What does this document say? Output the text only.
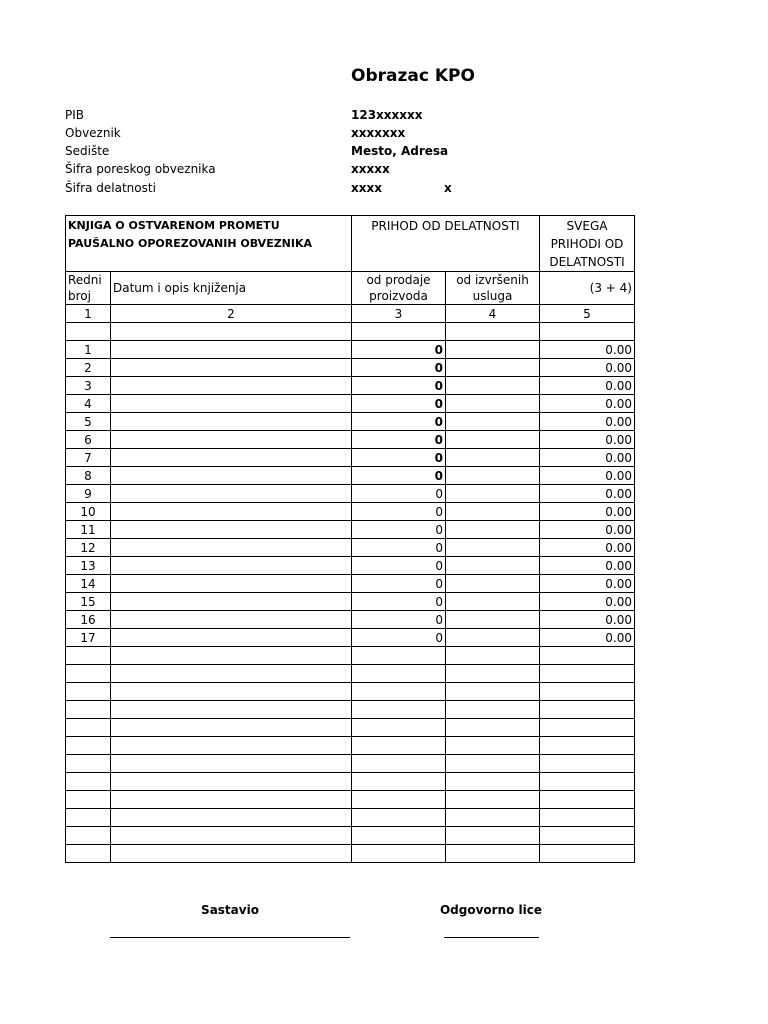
Obrazac KPO
PIB	123xxxxxx
Obveznik	xxxxxxx
Sedište	Mesto, Adresa
Šifra poreskog obveznika	xxxxx
Šifra delatnosti	xxxx	x
KNJIGA O OSTVARENOM PROMETU PAUŠALNO OPOREZOVANIH OBVEZNIKA		PRIHOD OD DELATNOSTI		SVEGA PRIHODI OD DELATNOSTI
Redni broj	Datum i opis knjiženja	od prodaje proizvoda	od izvršenih usluga	(3 + 4)
1	2	3	4	5

1		0		0.00
2		0		0.00
3		0		0.00
4		0		0.00
5		0		0.00
6		0		0.00
7		0		0.00
8		0		0.00
9		0		0.00
10		0		0.00
11		0		0.00
12		0		0.00
13		0		0.00
14		0		0.00
15		0		0.00
16		0		0.00
17		0		0.00

Sastavio	Odgovorno lice
